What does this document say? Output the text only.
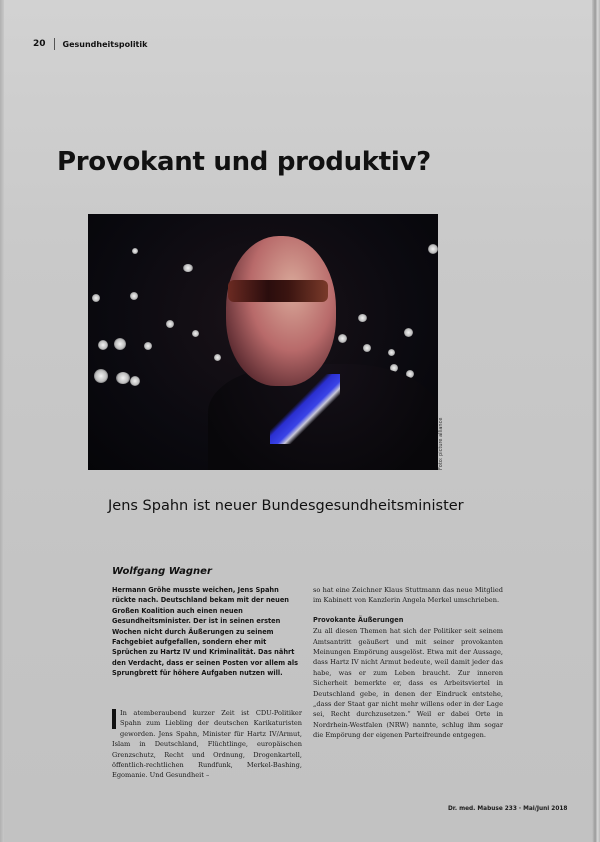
20 Gesundheitspolitik
Provokant und produktiv?
Foto: picture alliance
Jens Spahn ist neuer Bundesgesundheitsminister
Wolfgang Wagner
Hermann Gröhe musste weichen, Jens Spahn rückte nach. Deutschland bekam mit der neuen Großen Koalition auch einen neuen Gesundheitsminister. Der ist in seinen ersten Wochen nicht durch Äußerungen zu seinem Fachgebiet aufgefallen, sondern eher mit Sprüchen zu Hartz IV und Kriminalität. Das nährt den Verdacht, dass er seinen Posten vor allem als Sprungbrett für höhere Aufgaben nutzen will.
In atemberaubend kurzer Zeit ist CDU-Politiker Spahn zum Liebling der deutschen Karikaturisten geworden. Jens Spahn, Minister für Hartz IV/Armut, Islam in Deutschland, Flüchtlinge, europäischen Grenzschutz, Recht und Ordnung, Drogenkartell, öffentlich-rechtlichen Rundfunk, Merkel-Bashing, Egomanie. Und Gesundheit –
so hat eine Zeichner Klaus Stuttmann das neue Mitglied im Kabinett von Kanzlerin Angela Merkel umschrieben.
Provokante Äußerungen
Zu all diesen Themen hat sich der Politiker seit seinem Amtsantritt geäußert und mit seiner provokanten Meinungen Empörung ausgelöst. Etwa mit der Aussage, dass Hartz IV nicht Armut bedeute, weil damit jeder das habe, was er zum Leben braucht. Zur inneren Sicherheit bemerkte er, dass es Arbeitsviertel in Deutschland gebe, in denen der Eindruck entstehe, „dass der Staat gar nicht mehr willens oder in der Lage sei, Recht durchzusetzen.“ Weil er dabei Orte in Nordrhein-Westfalen (NRW) nannte, schlug ihm sogar die Empörung der eigenen Parteifreunde entgegen.
Dr. med. Mabuse 233 · Mai/Juni 2018
